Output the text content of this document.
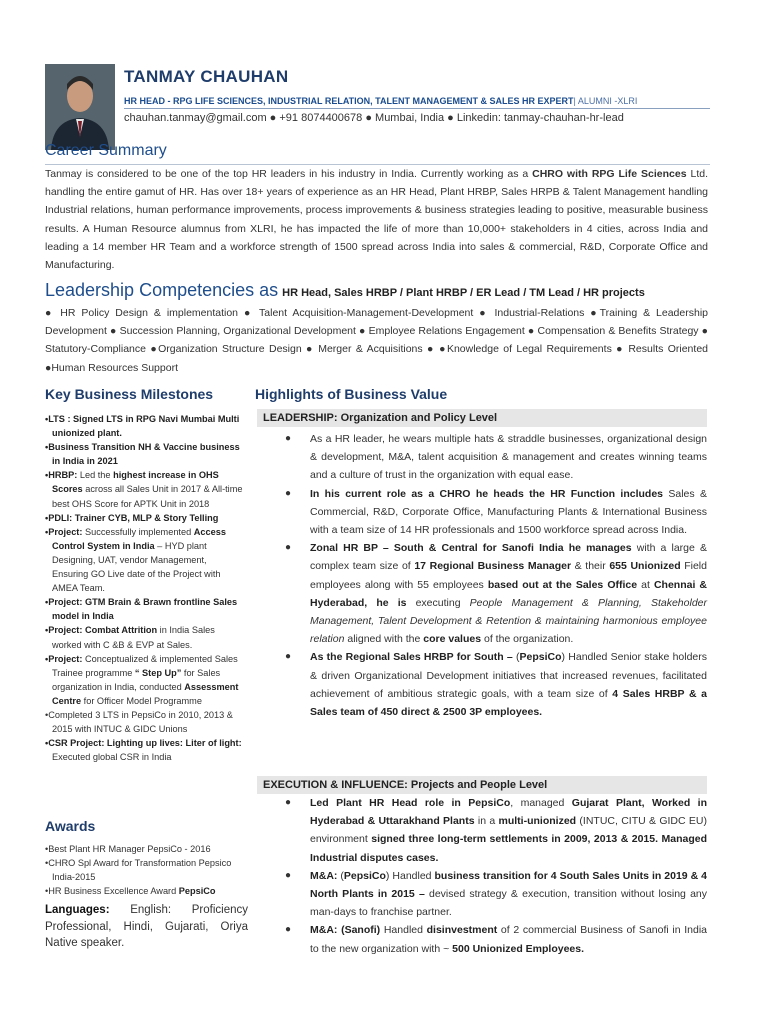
TANMAY CHAUHAN
HR HEAD - RPG LIFE SCIENCES, INDUSTRIAL RELATION, TALENT MANAGEMENT & SALES HR EXPERT| ALUMNI -XLRI
chauhan.tanmay@gmail.com ● +91 8074400678 ● Mumbai, India ● Linkedin: tanmay-chauhan-hr-lead
Career Summary
Tanmay is considered to be one of the top HR leaders in his industry in India. Currently working as a CHRO with RPG Life Sciences Ltd. handling the entire gamut of HR. Has over 18+ years of experience as an HR Head, Plant HRBP, Sales HRPB & Talent Management handling Industrial relations, human performance improvements, process improvements & business strategies leading to positive, measurable business results. A Human Resource alumnus from XLRI, he has impacted the life of more than 10,000+ stakeholders in 4 cities, across India and leading a 14 member HR Team and a workforce strength of 1500 spread across India into sales & commercial, R&D, Corporate Office and Manufacturing.
Leadership Competencies as HR Head, Sales HRBP / Plant HRBP / ER Lead / TM Lead / HR projects
● HR Policy Design & implementation ● Talent Acquisition-Management-Development ● Industrial-Relations ●Training & Leadership Development ● Succession Planning, Organizational Development ● Employee Relations Engagement ● Compensation & Benefits Strategy ● Statutory-Compliance ●Organization Structure Design ● Merger & Acquisitions ● ●Knowledge of Legal Requirements ● Results Oriented ●Human Resources Support
Key Business Milestones
•LTS : Signed LTS in RPG Navi Mumbai Multi unionized plant.
•Business Transition NH & Vaccine business in India in 2021
•HRBP: Led the highest increase in OHS Scores across all Sales Unit in 2017 & All-time best OHS Score for APTK Unit in 2018
•PDLI: Trainer CYB, MLP & Story Telling
•Project: Successfully implemented Access Control System in India – HYD plant Designing, UAT, vendor Management, Ensuring GO Live date of the Project with AMEA Team.
•Project: GTM Brain & Brawn frontline Sales model in India
•Project: Combat Attrition in India Sales worked with C &B & EVP at Sales.
•Project: Conceptualized & implemented Sales Trainee programme “ Step Up” for Sales organization in India, conducted Assessment Centre for Officer Model Programme
•Completed 3 LTS in PepsiCo in 2010, 2013 & 2015 with INTUC & GIDC Unions
•CSR Project: Lighting up lives: Liter of light: Executed global CSR in India
Awards
•Best Plant HR Manager PepsiCo - 2016
•CHRO Spl Award for Transformation Pepsico India-2015
•HR Business Excellence Award PepsiCo
Languages: English: Proficiency Professional, Hindi, Gujarati, Oriya Native speaker.
Highlights of Business Value
LEADERSHIP: Organization and Policy Level
● As a HR leader, he wears multiple hats & straddle businesses, organizational design & development, M&A, talent acquisition & management and creates winning teams and a culture of trust in the organization with equal ease.
● In his current role as a CHRO he heads the HR Function includes Sales & Commercial, R&D, Corporate Office, Manufacturing Plants & International Business with a team size of 14 HR professionals and 1500 workforce spread across India.
● Zonal HR BP – South & Central for Sanofi India he manages with a large & complex team size of 17 Regional Business Manager & their 655 Unionized Field employees along with 55 employees based out at the Sales Office at Chennai & Hyderabad, he is executing People Management & Planning, Stakeholder Management, Talent Development & Retention & maintaining harmonious employee relation aligned with the core values of the organization.
● As the Regional Sales HRBP for South – (PepsiCo) Handled Senior stake holders & driven Organizational Development initiatives that increased revenues, facilitated achievement of ambitious strategic goals, with a team size of 4 Sales HRBP & a Sales team of 450 direct & 2500 3P employees.
EXECUTION & INFLUENCE: Projects and People Level
● Led Plant HR Head role in PepsiCo, managed Gujarat Plant, Worked in Hyderabad & Uttarakhand Plants in a multi-unionized (INTUC, CITU & GIDC EU) environment signed three long-term settlements in 2009, 2013 & 2015. Managed Industrial disputes cases.
● M&A: (PepsiCo) Handled business transition for 4 South Sales Units in 2019 & 4 North Plants in 2015 – devised strategy & execution, transition without losing any man-days to franchise partner.
● M&A: (Sanofi) Handled disinvestment of 2 commercial Business of Sanofi in India to the new organization with ~ 500 Unionized Employees.
